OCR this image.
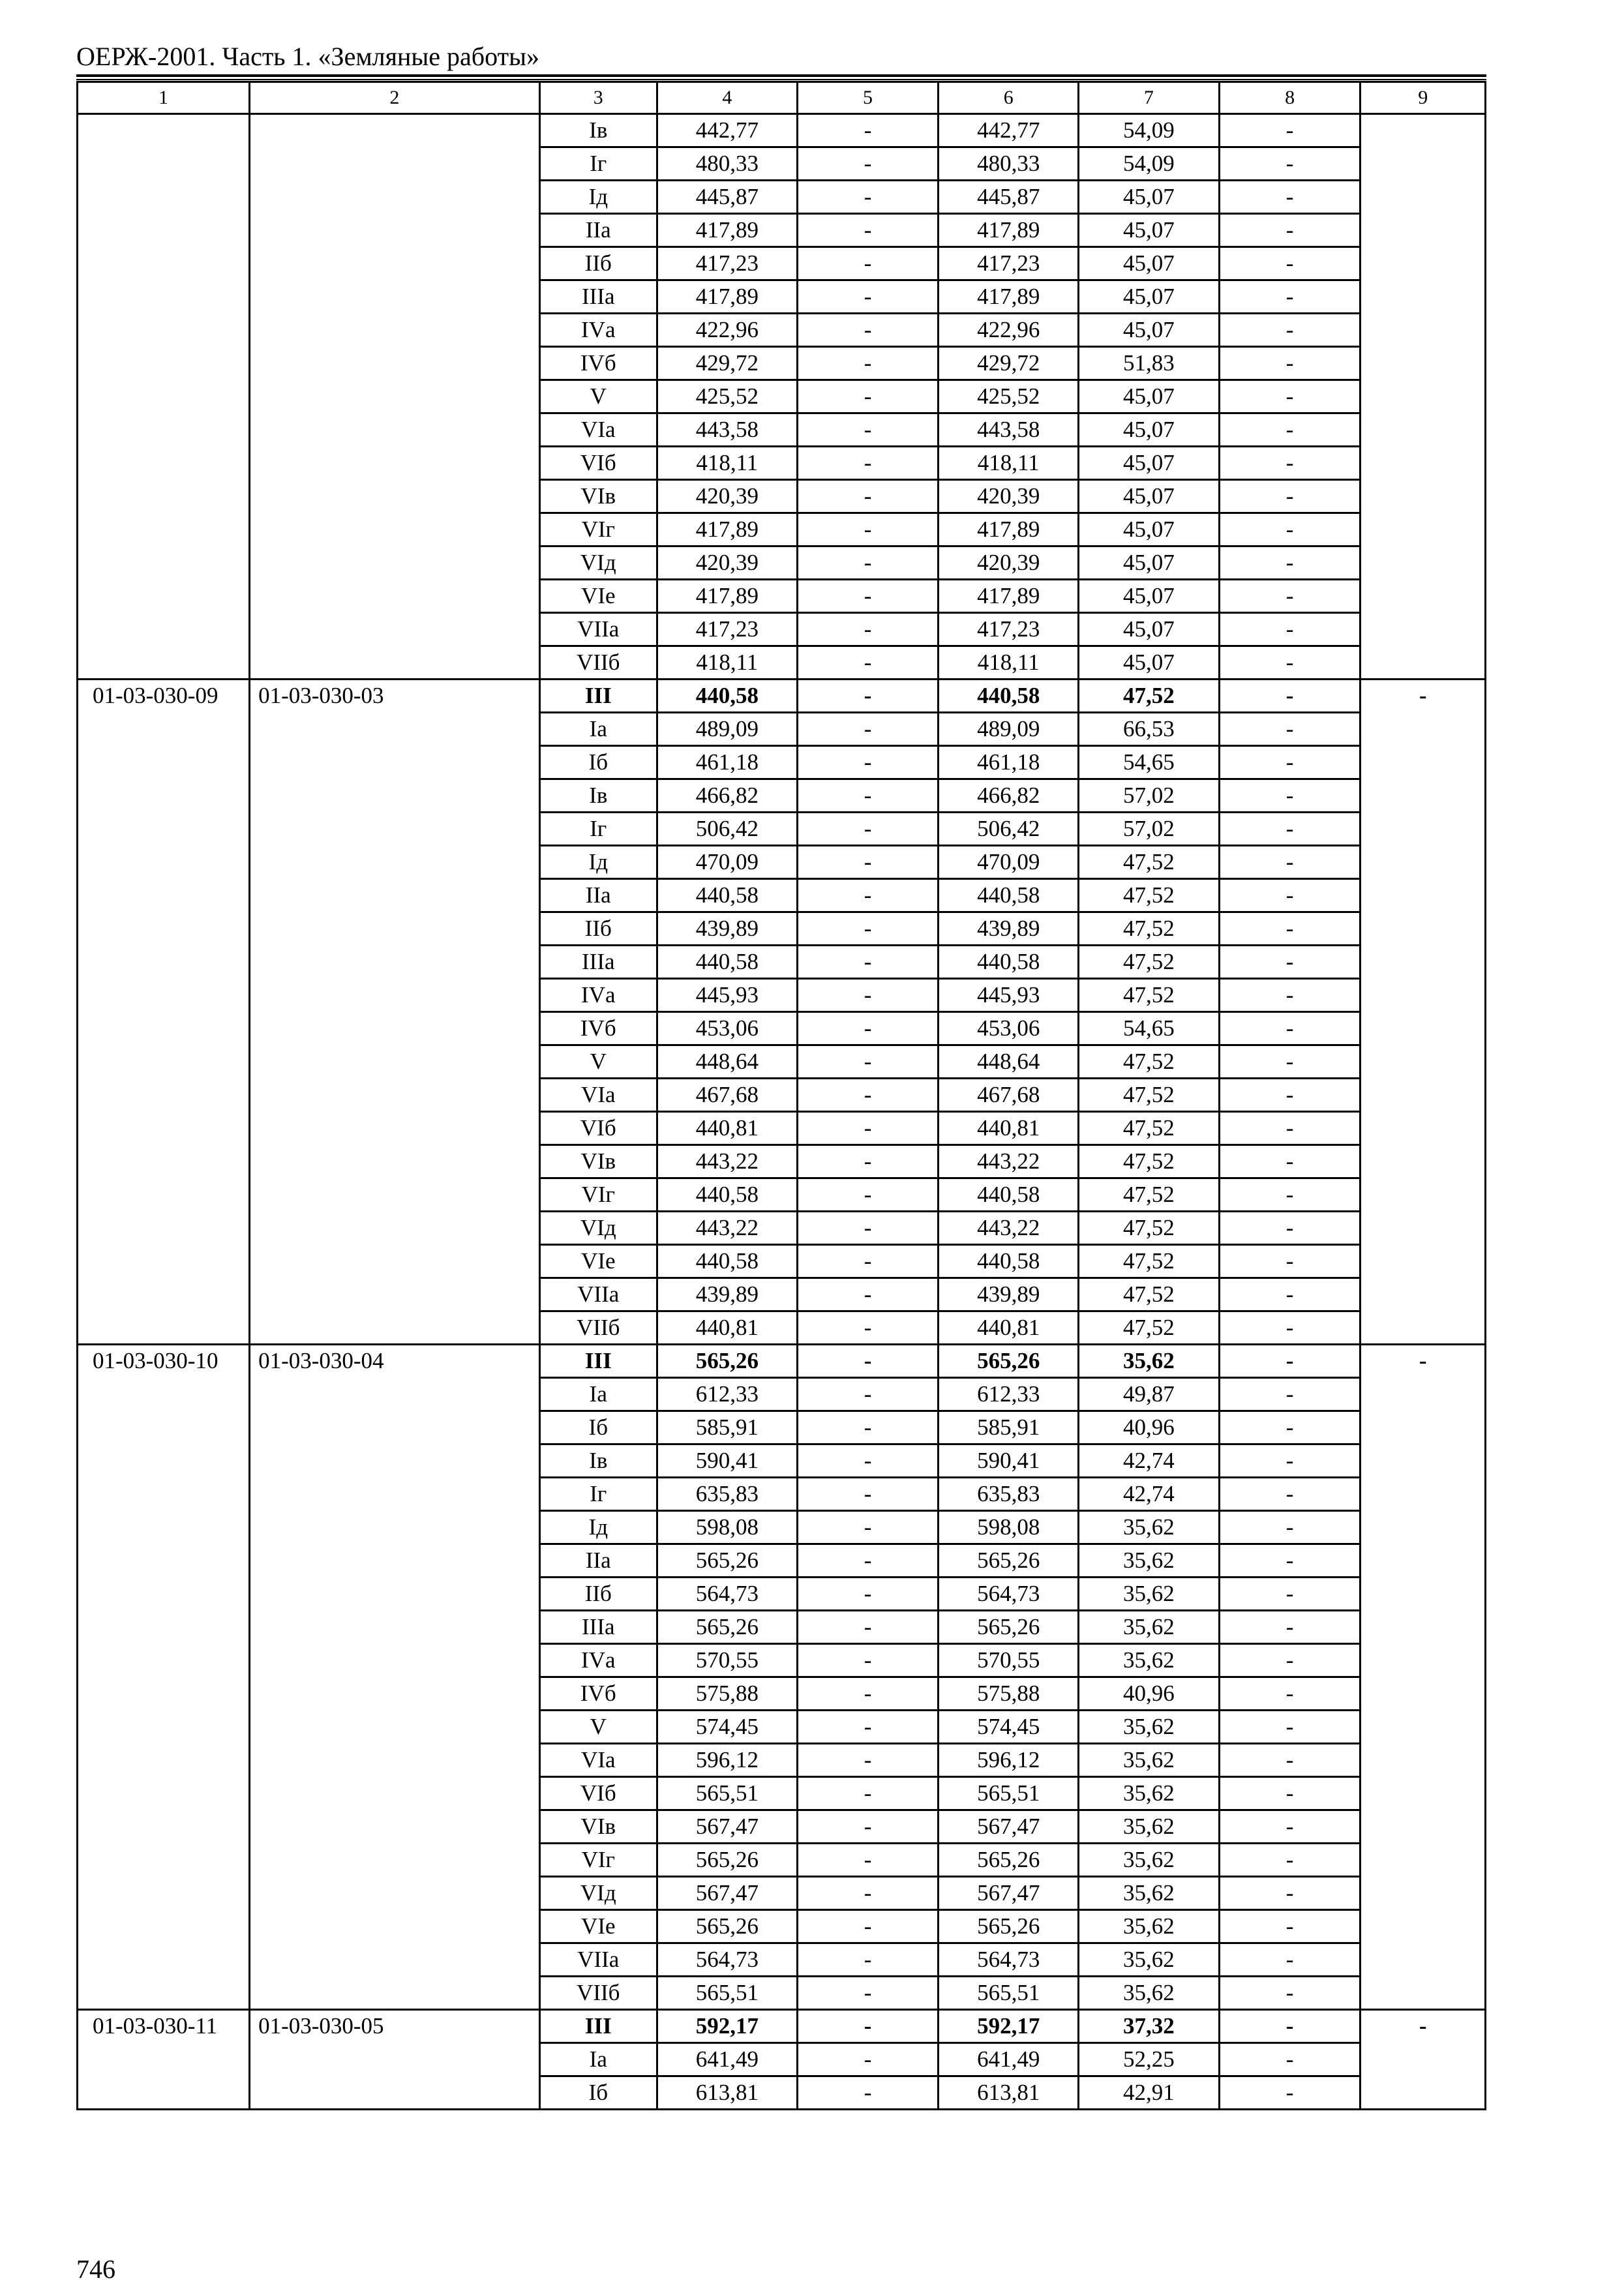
ОЕРЖ-2001. Часть 1. «Земляные работы»
1	2	3	4	5	6	7	8	9
		Iв	442,77	-	442,77	54,09	-	
		Iг	480,33	-	480,33	54,09	-	
		Iд	445,87	-	445,87	45,07	-	
		IIа	417,89	-	417,89	45,07	-	
		IIб	417,23	-	417,23	45,07	-	
		IIIа	417,89	-	417,89	45,07	-	
		IVа	422,96	-	422,96	45,07	-	
		IVб	429,72	-	429,72	51,83	-	
		V	425,52	-	425,52	45,07	-	
		VIа	443,58	-	443,58	45,07	-	
		VIб	418,11	-	418,11	45,07	-	
		VIв	420,39	-	420,39	45,07	-	
		VIг	417,89	-	417,89	45,07	-	
		VIд	420,39	-	420,39	45,07	-	
		VIе	417,89	-	417,89	45,07	-	
		VIIа	417,23	-	417,23	45,07	-	
		VIIб	418,11	-	418,11	45,07	-	
01-03-030-09	01-03-030-03	III	440,58	-	440,58	47,52	-	-
		Iа	489,09	-	489,09	66,53	-	
		Iб	461,18	-	461,18	54,65	-	
		Iв	466,82	-	466,82	57,02	-	
		Iг	506,42	-	506,42	57,02	-	
		Iд	470,09	-	470,09	47,52	-	
		IIа	440,58	-	440,58	47,52	-	
		IIб	439,89	-	439,89	47,52	-	
		IIIа	440,58	-	440,58	47,52	-	
		IVа	445,93	-	445,93	47,52	-	
		IVб	453,06	-	453,06	54,65	-	
		V	448,64	-	448,64	47,52	-	
		VIа	467,68	-	467,68	47,52	-	
		VIб	440,81	-	440,81	47,52	-	
		VIв	443,22	-	443,22	47,52	-	
		VIг	440,58	-	440,58	47,52	-	
		VIд	443,22	-	443,22	47,52	-	
		VIе	440,58	-	440,58	47,52	-	
		VIIа	439,89	-	439,89	47,52	-	
		VIIб	440,81	-	440,81	47,52	-	
01-03-030-10	01-03-030-04	III	565,26	-	565,26	35,62	-	-
		Iа	612,33	-	612,33	49,87	-	
		Iб	585,91	-	585,91	40,96	-	
		Iв	590,41	-	590,41	42,74	-	
		Iг	635,83	-	635,83	42,74	-	
		Iд	598,08	-	598,08	35,62	-	
		IIа	565,26	-	565,26	35,62	-	
		IIб	564,73	-	564,73	35,62	-	
		IIIа	565,26	-	565,26	35,62	-	
		IVа	570,55	-	570,55	35,62	-	
		IVб	575,88	-	575,88	40,96	-	
		V	574,45	-	574,45	35,62	-	
		VIа	596,12	-	596,12	35,62	-	
		VIб	565,51	-	565,51	35,62	-	
		VIв	567,47	-	567,47	35,62	-	
		VIг	565,26	-	565,26	35,62	-	
		VIд	567,47	-	567,47	35,62	-	
		VIе	565,26	-	565,26	35,62	-	
		VIIа	564,73	-	564,73	35,62	-	
		VIIб	565,51	-	565,51	35,62	-	
01-03-030-11	01-03-030-05	III	592,17	-	592,17	37,32	-	-
		Iа	641,49	-	641,49	52,25	-	
		Iб	613,81	-	613,81	42,91	-	
746
